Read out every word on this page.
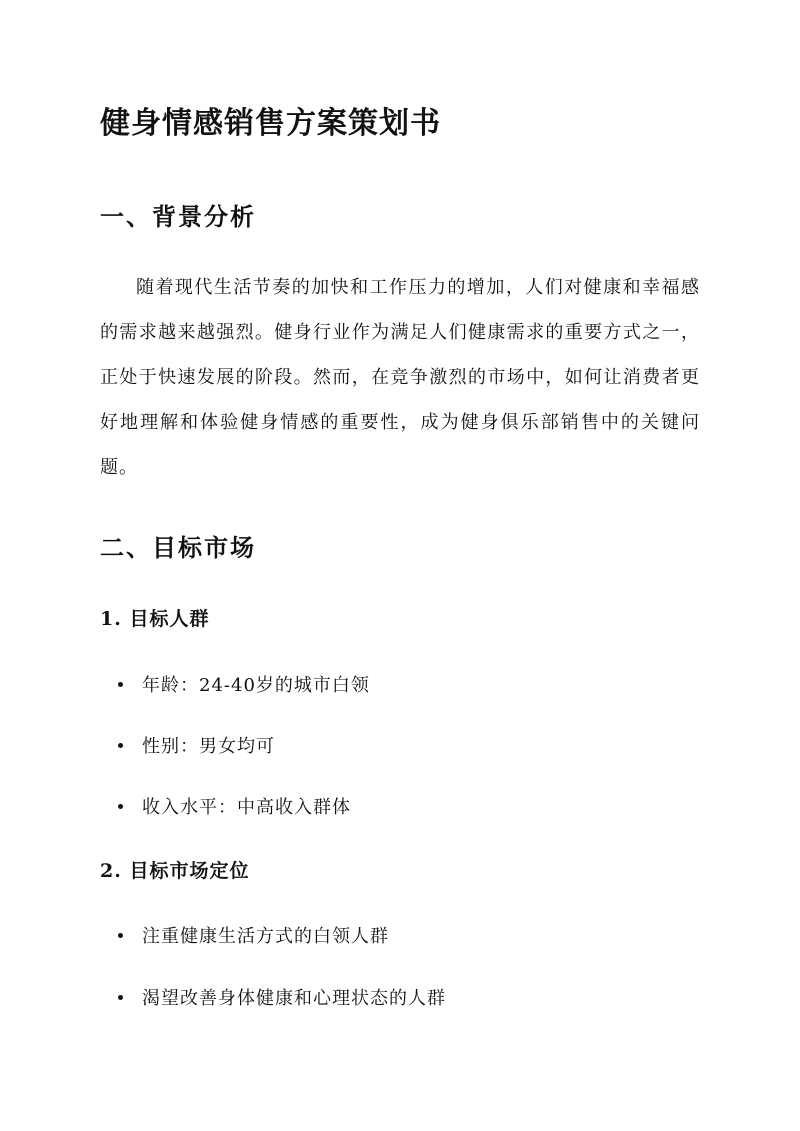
健身情感销售方案策划书
一、背景分析
随着现代生活节奏的加快和工作压力的增加，人们对健康和幸福感的需求越来越强烈。健身行业作为满足人们健康需求的重要方式之一，正处于快速发展的阶段。然而，在竞争激烈的市场中，如何让消费者更好地理解和体验健身情感的重要性，成为健身俱乐部销售中的关键问题。
二、目标市场
1. 目标人群
年龄：24-40岁的城市白领
性别：男女均可
收入水平：中高收入群体
2. 目标市场定位
注重健康生活方式的白领人群
渴望改善身体健康和心理状态的人群
